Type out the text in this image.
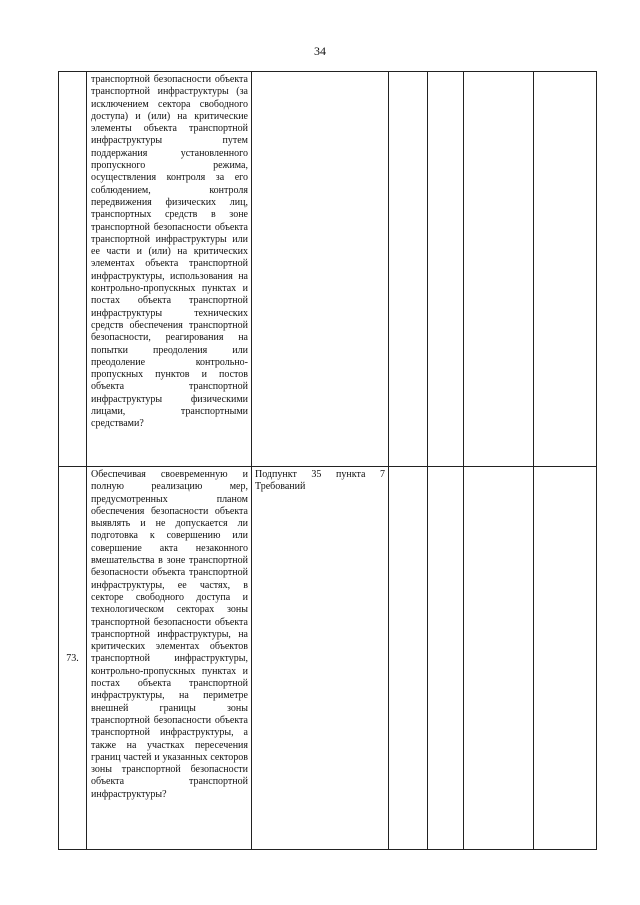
34
	транспортной безопасности объекта транспортной инфраструктуры (за исключением сектора свободного доступа) и (или) на критические элементы объекта транспортной инфраструктуры путем поддержания установленного пропускного режима, осуществления контроля за его соблюдением, контроля передвижения физических лиц, транспортных средств в зоне транспортной безопасности объекта транспортной инфраструктуры или ее части и (или) на критических элементах объекта транспортной инфраструктуры, использования на контрольно-пропускных пунктах и постах объекта транспортной инфраструктуры технических средств обеспечения транспортной безопасности, реагирования на попытки преодоления или преодоление контрольно-пропускных пунктов и постов объекта транспортной инфраструктуры физическими лицами, транспортными средствами?					

73.	Обеспечивая своевременную и полную реализацию мер, предусмотренных планом обеспечения безопасности объекта выявлять и не допускается ли подготовка к совершению или совершение акта незаконного вмешательства в зоне транспортной безопасности объекта транспортной инфраструктуры, ее частях, в секторе свободного доступа и технологическом секторах зоны транспортной безопасности объекта транспортной инфраструктуры, на критических элементах объектов транспортной инфраструктуры, контрольно-пропускных пунктах и постах объекта транспортной инфраструктуры, на периметре внешней границы зоны транспортной безопасности объекта транспортной инфраструктуры, а также на участках пересечения границ частей и указанных секторов зоны транспортной безопасности объекта транспортной инфраструктуры?	Подпункт 35 пункта 7 Требований				
